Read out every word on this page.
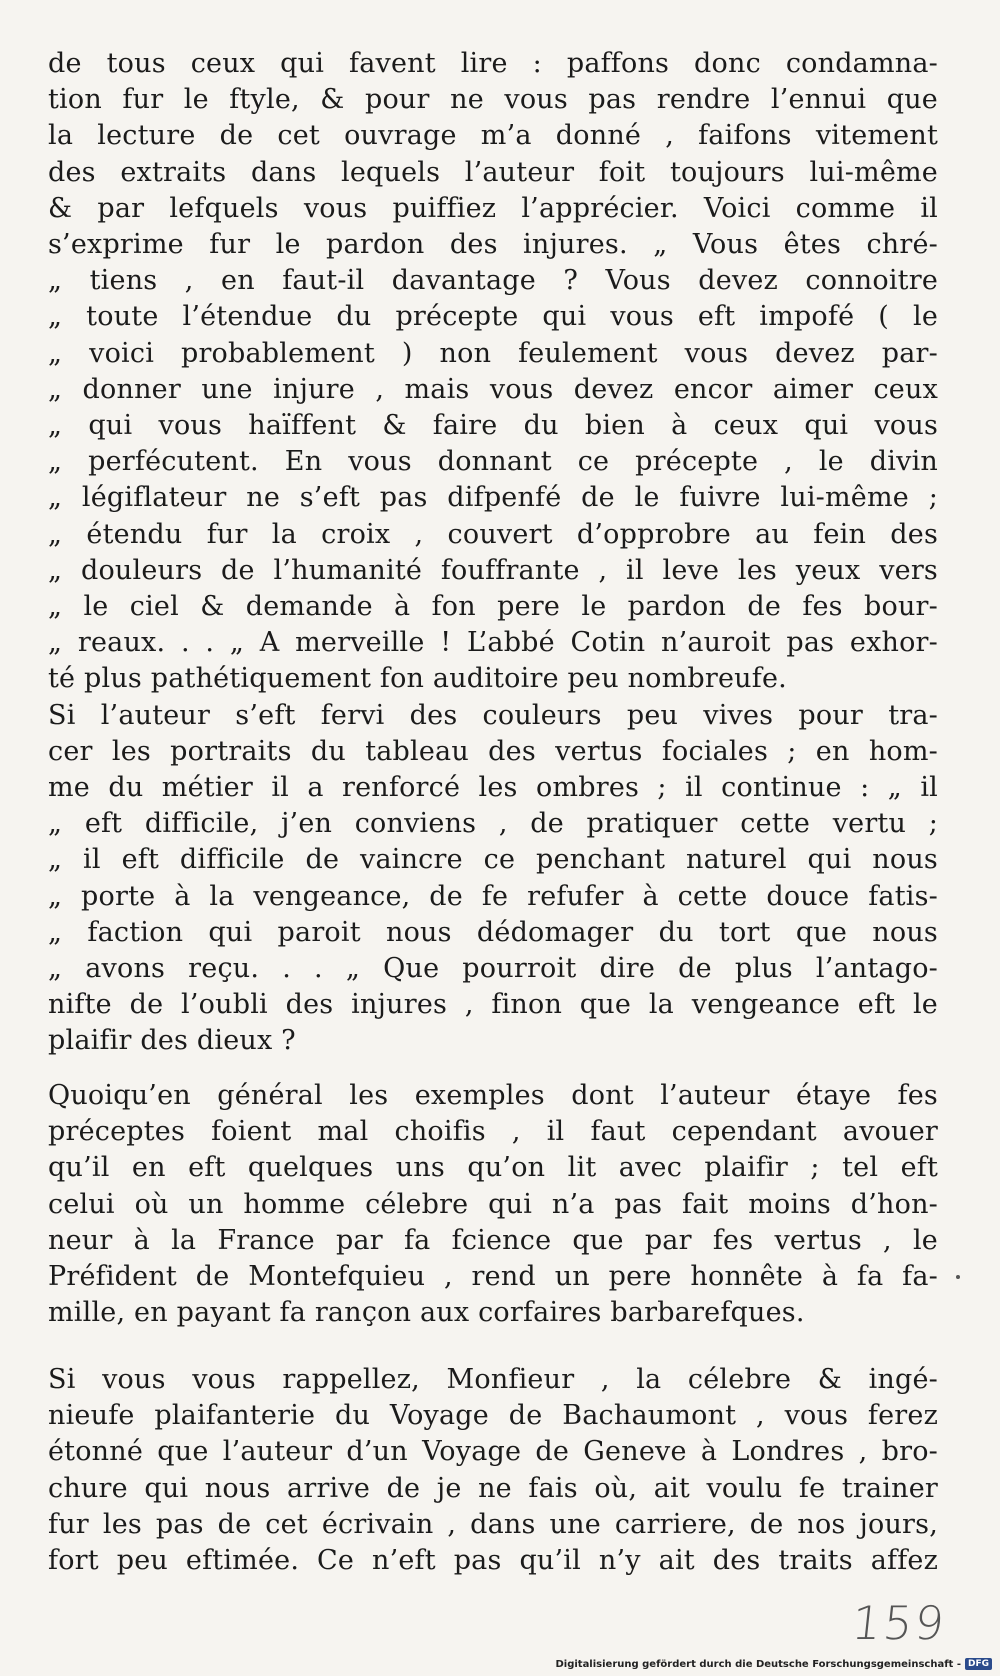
de tous ceux qui favent lire : paffons donc condamna-
tion fur le ftyle, & pour ne vous pas rendre l’ennui que
la lecture de cet ouvrage m’a donné , faifons vitement
des extraits dans lequels l’auteur foit toujours lui-même
& par lefquels vous puiffiez l’apprécier. Voici comme il
s’exprime fur le pardon des injures. „ Vous êtes chré-
„ tiens , en faut-il davantage ? Vous devez connoitre
„ toute l’étendue du précepte qui vous eft impofé ( le
„ voici probablement ) non feulement vous devez par-
„ donner une injure , mais vous devez encor aimer ceux
„ qui vous haïffent & faire du bien à ceux qui vous
„ perfécutent. En vous donnant ce précepte , le divin
„ légiflateur ne s’eft pas difpenfé de le fuivre lui-même ;
„ étendu fur la croix , couvert d’opprobre au fein des
„ douleurs de l’humanité fouffrante , il leve les yeux vers
„ le ciel & demande à fon pere le pardon de fes bour-
„ reaux. . . „ A merveille ! L’abbé Cotin n’auroit pas exhor-
té plus pathétiquement fon auditoire peu nombreufe.
Si l’auteur s’eft fervi des couleurs peu vives pour tra-
cer les portraits du tableau des vertus fociales ; en hom-
me du métier il a renforcé les ombres ; il continue : „ il
„ eft difficile, j’en conviens , de pratiquer cette vertu ;
„ il eft difficile de vaincre ce penchant naturel qui nous
„ porte à la vengeance, de fe refufer à cette douce fatis-
„ faction qui paroit nous dédomager du tort que nous
„ avons reçu. . . „ Que pourroit dire de plus l’antago-
nifte de l’oubli des injures , finon que la vengeance eft le
plaifir des dieux ?
Quoiqu’en général les exemples dont l’auteur étaye fes
préceptes foient mal choifis , il faut cependant avouer
qu’il en eft quelques uns qu’on lit avec plaifir ; tel eft
celui où un homme célebre qui n’a pas fait moins d’hon-
neur à la France par fa fcience que par fes vertus , le
Préfident de Montefquieu , rend un pere honnête à fa fa-
mille, en payant fa rançon aux corfaires barbarefques.
Si vous vous rappellez, Monfieur , la célebre & ingé-
nieufe plaifanterie du Voyage de Bachaumont , vous ferez
étonné que l’auteur d’un Voyage de Geneve à Londres , bro-
chure qui nous arrive de je ne fais où, ait voulu fe trainer
fur les pas de cet écrivain , dans une carriere, de nos jours,
fort peu eftimée. Ce n’eft pas qu’il n’y ait des traits affez
159
Digitalisierung gefördert durch die Deutsche Forschungsgemeinschaft - DFG
